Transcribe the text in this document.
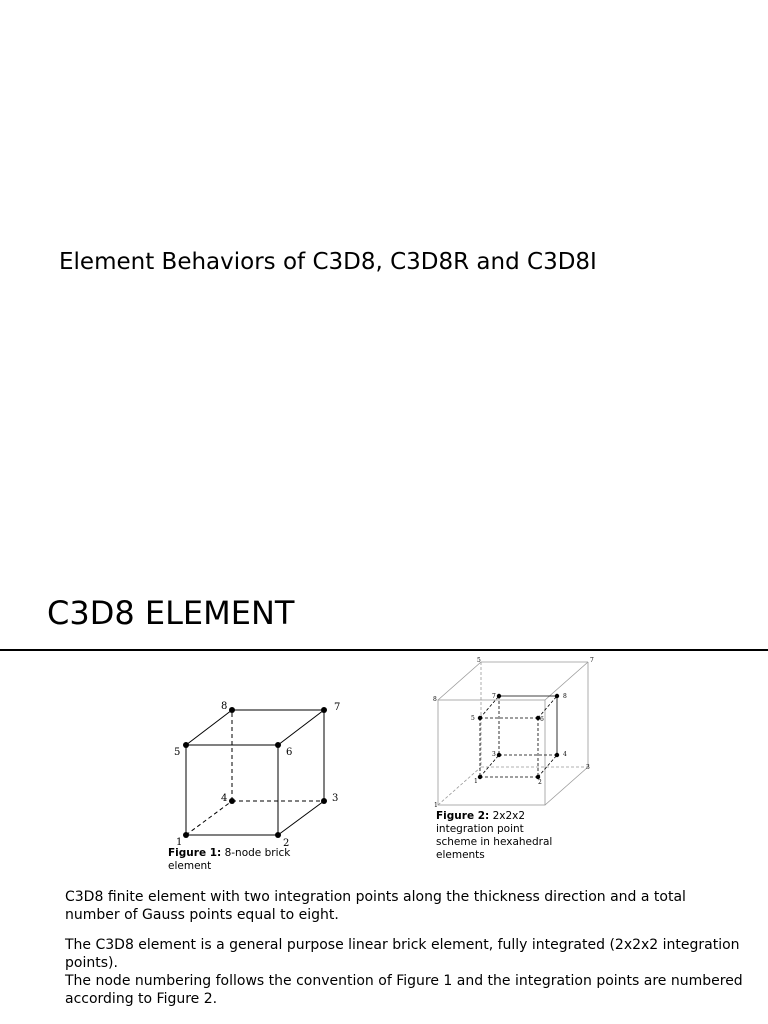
Element Behaviors of C3D8, C3D8R and C3D8I
C3D8 ELEMENT
1	2
3
4
5	6
7
8
Figure 1: 8-node brick element
1	2
3	4
5	6
7	8
5	7
8
3
1
Figure 2: 2x2x2 integration point scheme in hexahedral elements
C3D8 finite element with two integration points along the thickness direction and a total number of Gauss points equal to eight.
The C3D8 element is a general purpose linear brick element, fully integrated (2x2x2 integration points).
The node numbering follows the convention of Figure 1 and the integration points are numbered according to Figure 2.
